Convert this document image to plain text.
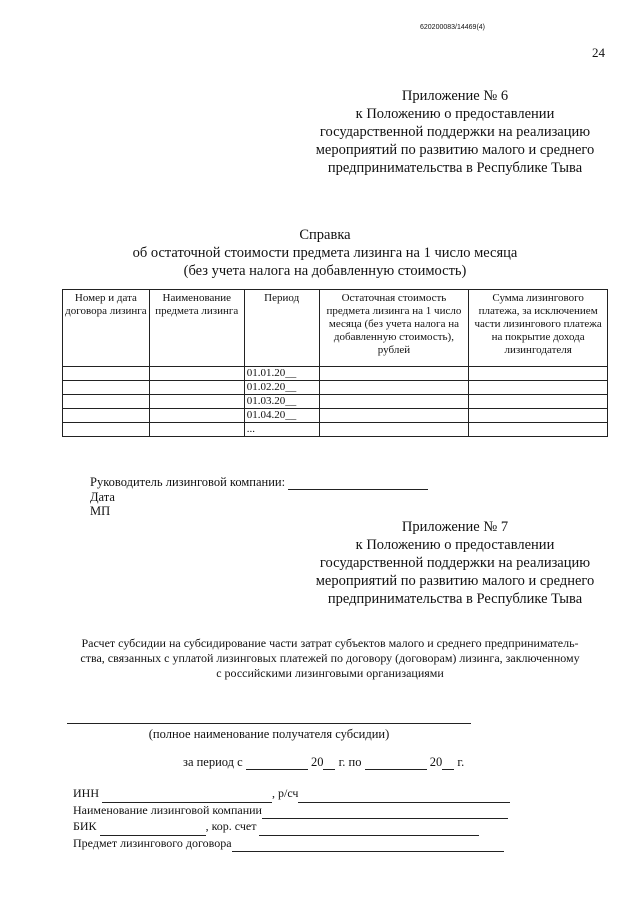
620200083/14469(4)
24
Приложение № 6
к Положению о предоставлении
государственной поддержки на реализацию
мероприятий по развитию малого и среднего
предпринимательства в Республике Тыва
Справка
об остаточной стоимости предмета лизинга на 1 число месяца
(без учета налога на добавленную стоимость)
Номер и дата договора лизинга	Наименование предмета лизинга	Период	Остаточная стоимость предмета лизинга на 1 число месяца (без учета налога на добавленную стоимость), рублей	Сумма лизингового платежа, за исключением части лизингового платежа на покрытие дохода лизингодателя
		01.01.20__		
		01.02.20__		
		01.03.20__		
		01.04.20__		
		...		
Руководитель лизинговой компании:
Дата
МП
Приложение № 7
к Положению о предоставлении
государственной поддержки на реализацию
мероприятий по развитию малого и среднего
предпринимательства в Республике Тыва
Расчет субсидии на субсидирование части затрат субъектов малого и среднего предприниматель-
ства, связанных с уплатой лизинговых платежей по договору (договорам) лизинга, заключенному
с российскими лизинговыми организациями
(полное наименование получателя субсидии)
за период с	20 г. по	20 г.
ИНН	, р/сч
Наименование лизинговой компании
БИК	, кор. счет
Предмет лизингового договора
